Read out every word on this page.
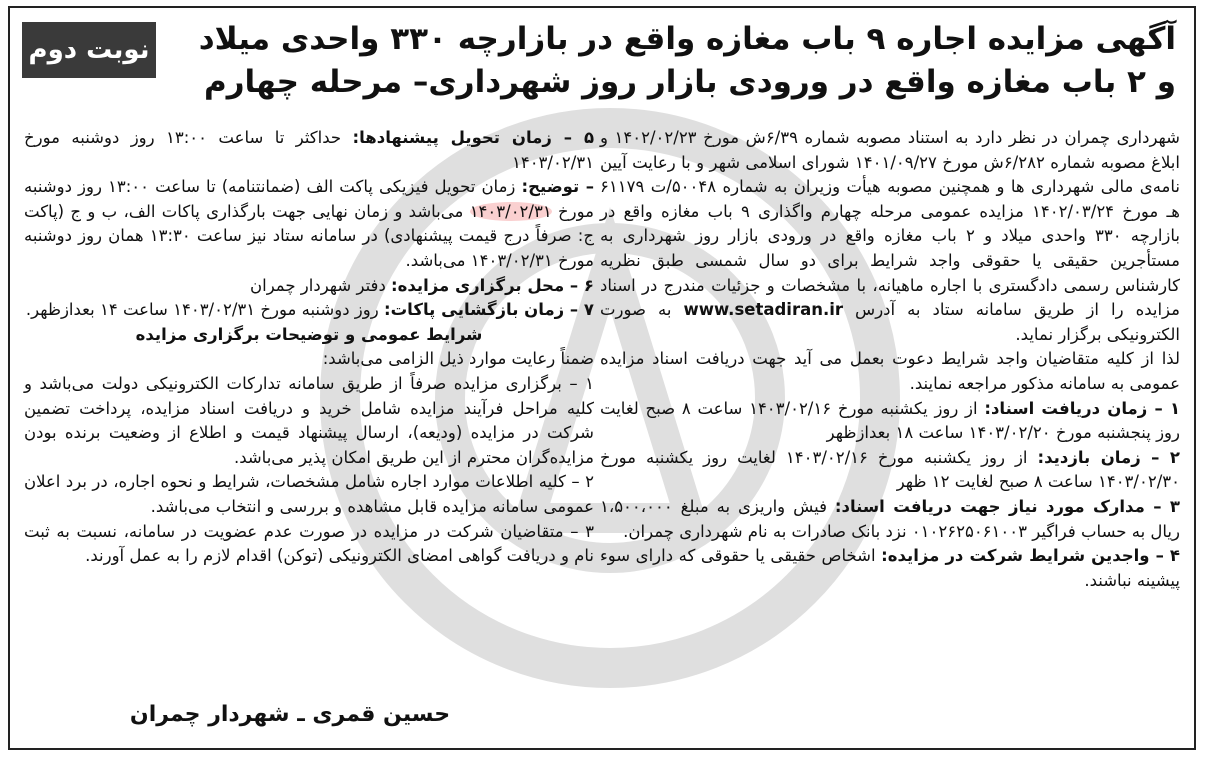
نوبت دوم	آگهی مزایده اجاره ۹ باب مغازه واقع در بازارچه ۳۳۰ واحدی میلاد
و ۲ باب مغازه واقع در ورودی بازار روز شهرداری– مرحله چهارم

شهرداری چمران در نظر دارد به استناد مصوبه شماره ۶/۳۹ش مورخ ۱۴۰۲/۰۲/۲۳ و ابلاغ مصوبه شماره ۶/۲۸۲ش مورخ ۱۴۰۱/۰۹/۲۷ شورای اسلامی شهر و با رعایت آیین نامه‌ی مالی شهرداری ها و همچنین مصوبه هیأت وزیران به شماره ۵۰۰۴۸/ت ۶۱۱۷۹ هـ مورخ ۱۴۰۲/۰۳/۲۴ مزایده عمومی مرحله چهارم واگذاری ۹ باب مغازه واقع در بازارچه ۳۳۰ واحدی میلاد و ۲ باب مغازه واقع در ورودی بازار روز شهرداری به مستأجرین حقیقی یا حقوقی واجد شرایط برای دو سال شمسی طبق نظریه کارشناس رسمی دادگستری با اجاره ماهیانه، با مشخصات و جزئیات مندرج در اسناد مزایده را از طریق سامانه ستاد به آدرس www.setadiran.ir به صورت الکترونیکی برگزار نماید.

لذا از کلیه متقاضیان واجد شرایط دعوت بعمل می آید جهت دریافت اسناد مزایده عمومی به سامانه مذکور مراجعه نمایند.

۱ – زمان دریافت اسناد: از روز یکشنبه مورخ ۱۴۰۳/۰۲/۱۶ ساعت ۸ صبح لغایت روز پنجشنبه مورخ ۱۴۰۳/۰۲/۲۰ ساعت ۱۸ بعدازظهر

۲ – زمان بازدید: از روز یکشنبه مورخ ۱۴۰۳/۰۲/۱۶ لغایت روز یکشنبه مورخ ۱۴۰۳/۰۲/۳۰ ساعت ۸ صبح لغایت ۱۲ ظهر

۳ – مدارک مورد نیاز جهت دریافت اسناد: فیش واریزی به مبلغ ۱،۵۰۰،۰۰۰ ریال به حساب فراگیر ۰۱۰۲۶۲۵۰۶۱۰۰۳ نزد بانک صادرات به نام شهرداری چمران.

۴ – واجدین شرایط شرکت در مزایده: اشخاص حقیقی یا حقوقی که دارای سوء پیشینه نباشند.

۵ – زمان تحویل پیشنهادها: حداکثر تا ساعت ۱۳:۰۰ روز دوشنبه مورخ ۱۴۰۳/۰۲/۳۱

– توضیح: زمان تحویل فیزیکی پاکت الف (ضمانتنامه) تا ساعت ۱۳:۰۰ روز دوشنبه مورخ ۱۴۰۳/۰۲/۳۱ می‌باشد و زمان نهایی جهت بارگذاری پاکات الف، ب و ج (پاکت ج: صرفاً درج قیمت پیشنهادی) در سامانه ستاد نیز ساعت ۱۳:۳۰ همان روز دوشنبه مورخ ۱۴۰۳/۰۲/۳۱ می‌باشد.

۶ – محل برگزاری مزایده: دفتر شهردار چمران

۷ – زمان بازگشایی پاکات: روز دوشنبه مورخ ۱۴۰۳/۰۲/۳۱ ساعت ۱۴ بعدازظهر.

شرایط عمومی و توضیحات برگزاری مزایده

ضمناً رعایت موارد ذیل الزامی می‌باشد:

۱ – برگزاری مزایده صرفاً از طریق سامانه تدارکات الکترونیکی دولت می‌باشد و کلیه مراحل فرآیند مزایده شامل خرید و دریافت اسناد مزایده، پرداخت تضمین شرکت در مزایده (ودیعه)، ارسال پیشنهاد قیمت و اطلاع از وضعیت برنده بودن مزایده‌گران محترم از این طریق امکان پذیر می‌باشد.

۲ – کلیه اطلاعات موارد اجاره شامل مشخصات، شرایط و نحوه اجاره، در برد اعلان عمومی سامانه مزایده قابل مشاهده و بررسی و انتخاب می‌باشد.

۳ – متقاضیان شرکت در مزایده در صورت عدم عضویت در سامانه، نسبت به ثبت نام و دریافت گواهی امضای الکترونیکی (توکن) اقدام لازم را به عمل آورند.

حسین قمری ـ شهردار چمران
